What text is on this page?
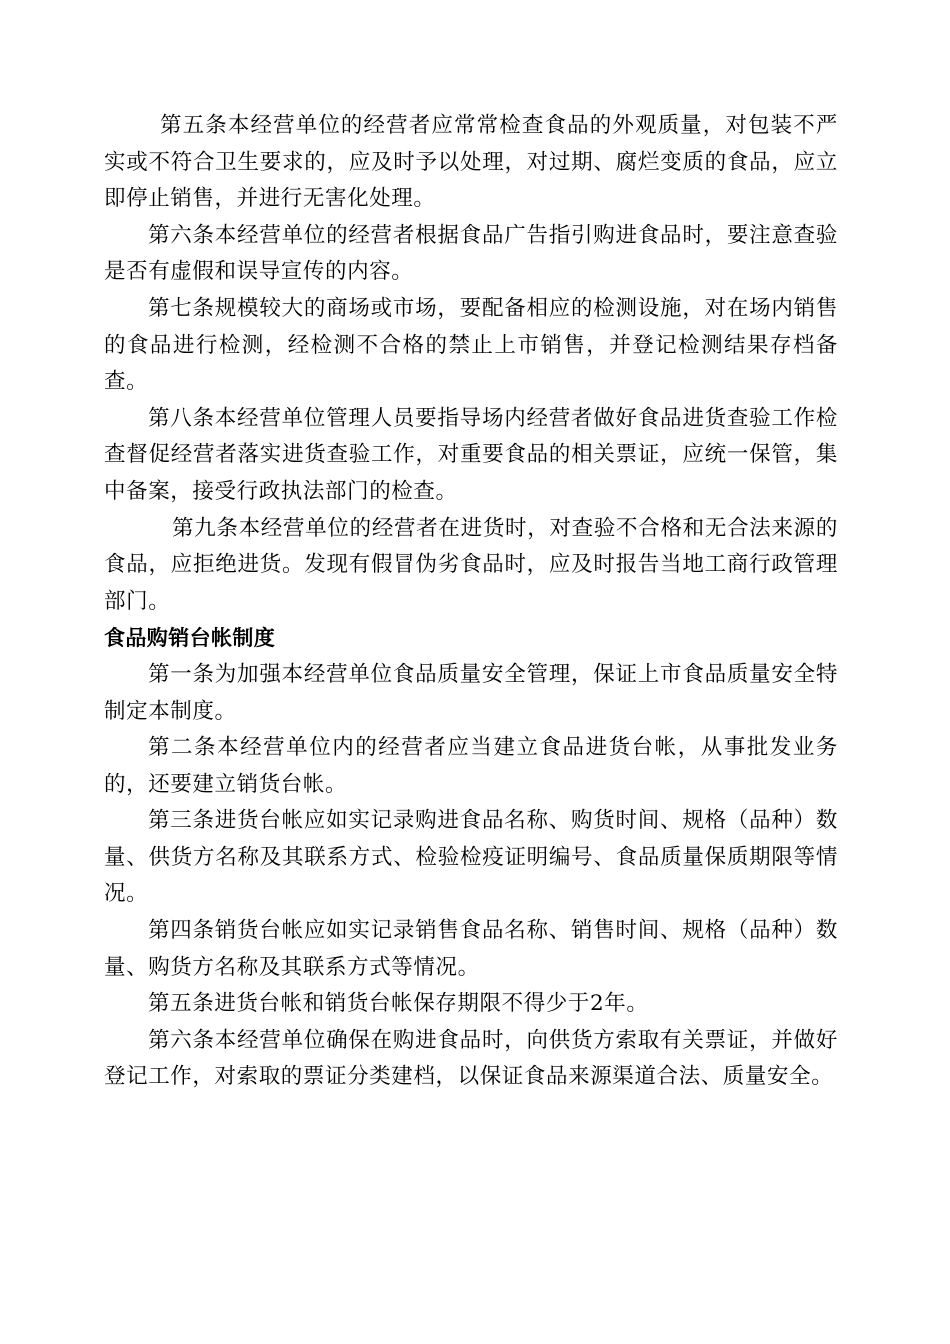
第五条本经营单位的经营者应常常检查食品的外观质量，对包装不严实或不符合卫生要求的，应及时予以处理，对过期、腐烂变质的食品，应立即停止销售，并进行无害化处理。

第六条本经营单位的经营者根据食品广告指引购进食品时，要注意查验是否有虚假和误导宣传的内容。

第七条规模较大的商场或市场，要配备相应的检测设施，对在场内销售的食品进行检测，经检测不合格的禁止上市销售，并登记检测结果存档备查。

第八条本经营单位管理人员要指导场内经营者做好食品进货查验工作检查督促经营者落实进货查验工作，对重要食品的相关票证，应统一保管，集中备案，接受行政执法部门的检查。

第九条本经营单位的经营者在进货时，对查验不合格和无合法来源的食品，应拒绝进货。发现有假冒伪劣食品时，应及时报告当地工商行政管理部门。

食品购销台帐制度

第一条为加强本经营单位食品质量安全管理，保证上市食品质量安全特制定本制度。

第二条本经营单位内的经营者应当建立食品进货台帐，从事批发业务的，还要建立销货台帐。

第三条进货台帐应如实记录购进食品名称、购货时间、规格（品种）数量、供货方名称及其联系方式、检验检疫证明编号、食品质量保质期限等情况。

第四条销货台帐应如实记录销售食品名称、销售时间、规格（品种）数量、购货方名称及其联系方式等情况。

第五条进货台帐和销货台帐保存期限不得少于2年。

第六条本经营单位确保在购进食品时，向供货方索取有关票证，并做好登记工作，对索取的票证分类建档，以保证食品来源渠道合法、质量安全。
